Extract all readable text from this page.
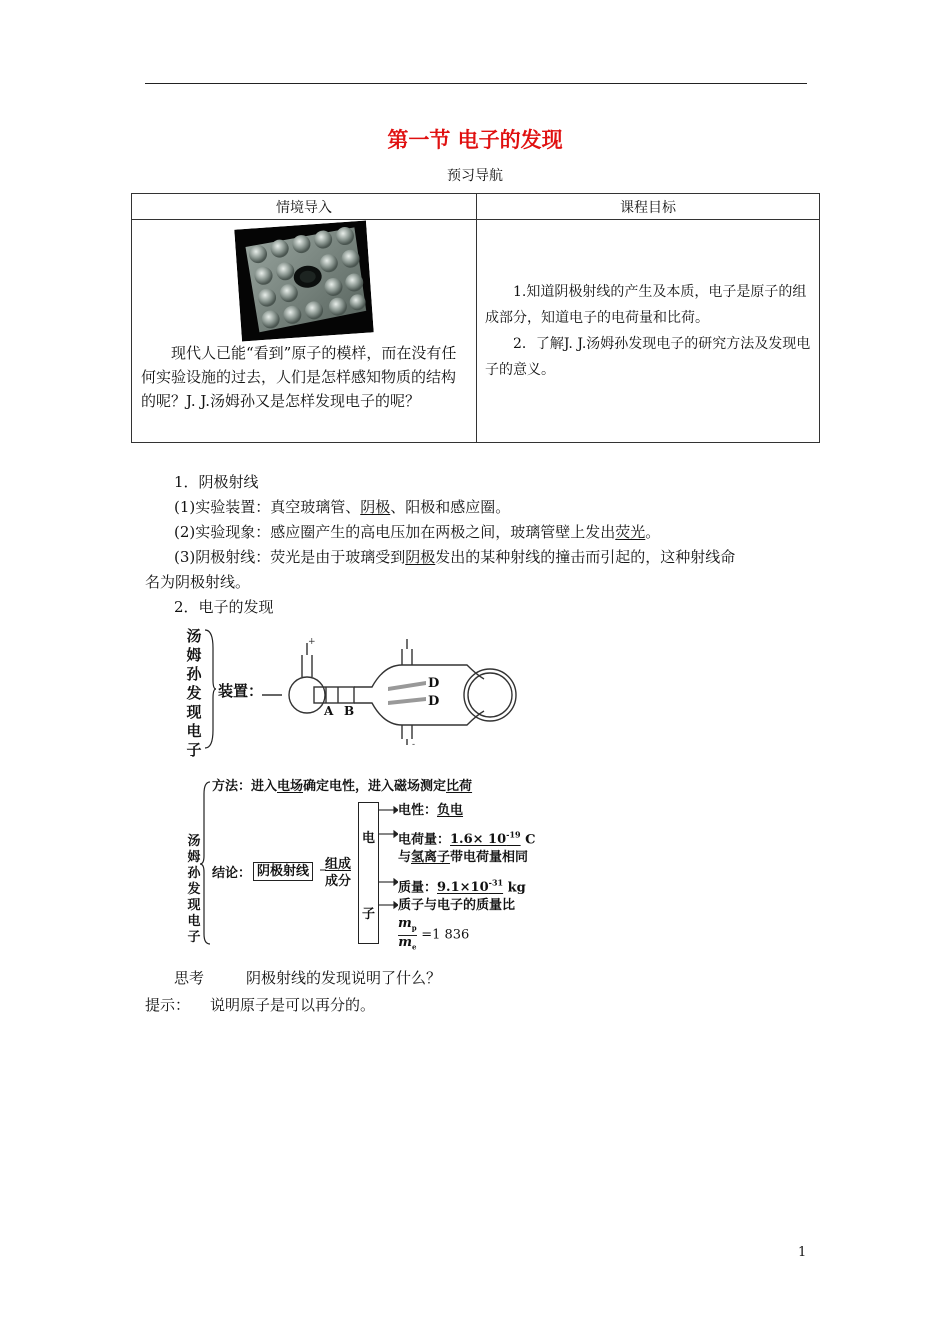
第一节 电子的发现
预习导航
情境导入	课程目标

现代人已能“看到”原子的模样，而在没有任何实验设施的过去，人们是怎样感知物质的结构的呢？J. J.汤姆孙又是怎样发现电子的呢？	1.知道阴极射线的产生及本质，电子是原子的组成部分，知道电子的电荷量和比荷。

2．了解J. J.汤姆孙发现电子的研究方法及发现电子的意义。

1．阴极射线
(1)实验装置：真空玻璃管、阴极、阳极和感应圈。
(2)实验现象：感应圈产生的高电压加在两极之间，玻璃管壁上发出荧光。
(3)阴极射线：荧光是由于玻璃受到阴极发出的某种射线的撞击而引起的，这种射线命
名为阴极射线。
2．电子的发现
汤
姆
孙
发
现
电
子
装置：
+
-
A B
D
D
汤
姆
孙
发
现
电
子
方法：进入电场确定电性，进入磁场测定比荷
结论： 阴极射线	组成
成分
电
子
电性：负电
电荷量：$1.6\times 10^{-19}$ C
与氢离子带电荷量相同
质量：$9.1\times 10^{-31}$ kg
质子与电子的质量比
$\frac{m_p}{m_e} =1$ 836
思考	阴极射线的发现说明了什么？
提示： 说明原子是可以再分的。
1
